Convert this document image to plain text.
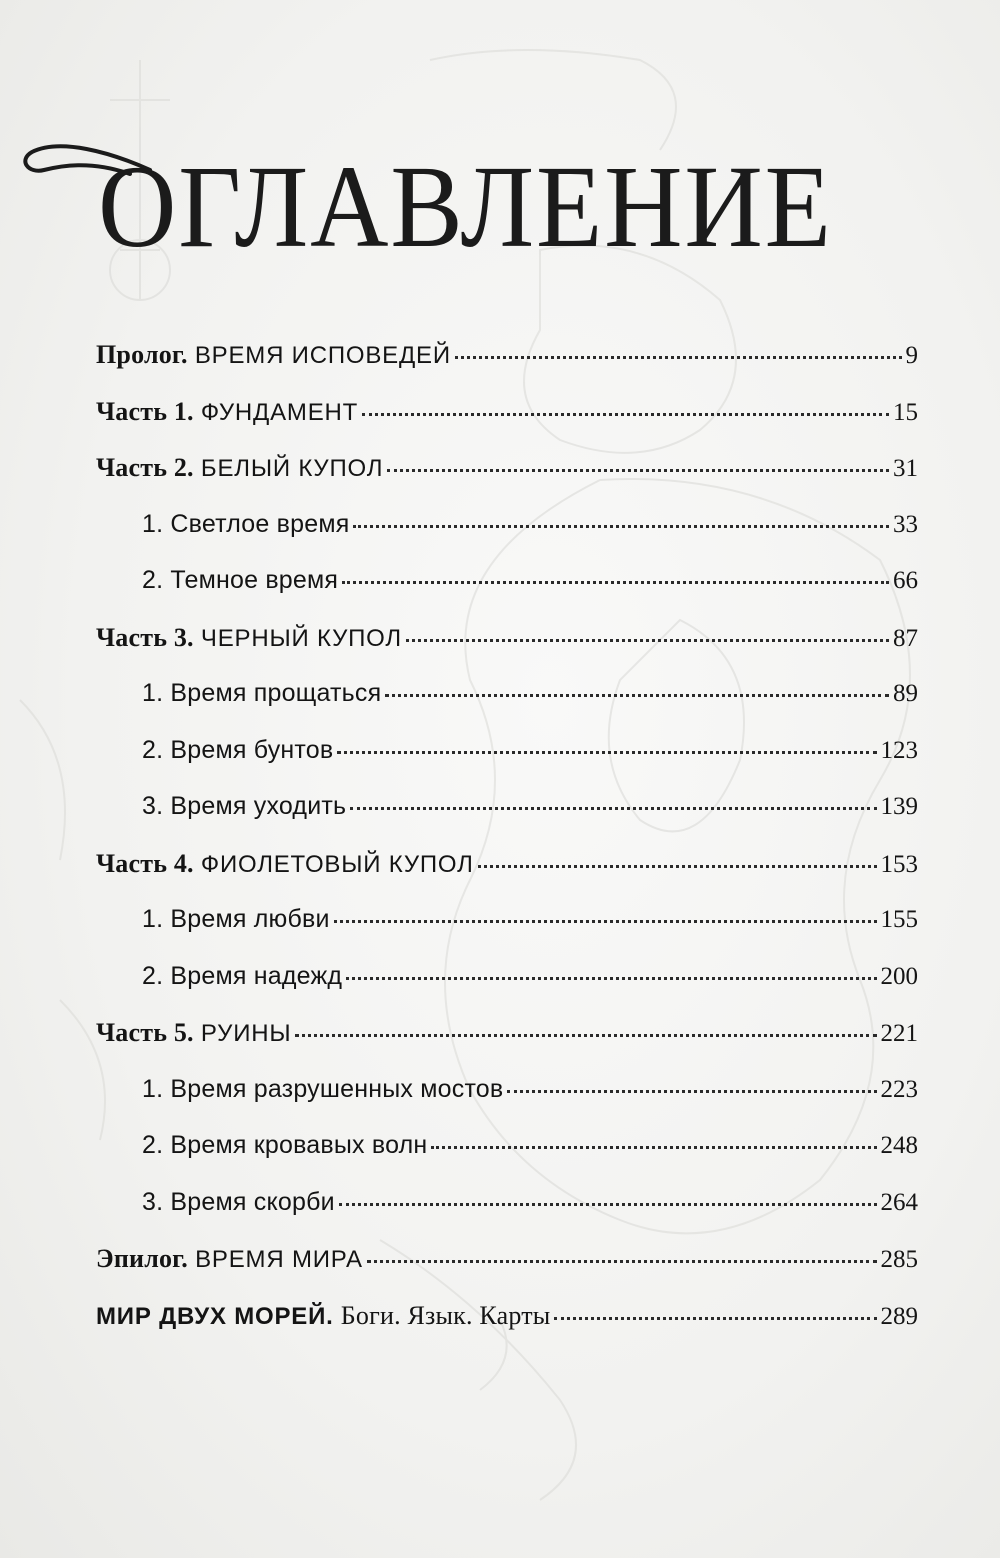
ОГЛАВЛЕНИЕ
Пролог. ВРЕМЯ ИСПОВЕДЕЙ	9
Часть 1. ФУНДАМЕНТ	15
Часть 2. БЕЛЫЙ КУПОЛ	31
1. Светлое время	33
2. Темное время	66
Часть 3. ЧЕРНЫЙ КУПОЛ	87
1. Время прощаться	89
2. Время бунтов	123
3. Время уходить	139
Часть 4. ФИОЛЕТОВЫЙ КУПОЛ	153
1. Время любви	155
2. Время надежд	200
Часть 5. РУИНЫ	221
1. Время разрушенных мостов	223
2. Время кровавых волн	248
3. Время скорби	264
Эпилог. ВРЕМЯ МИРА	285
МИР ДВУХ МОРЕЙ. Боги. Язык. Карты	289
